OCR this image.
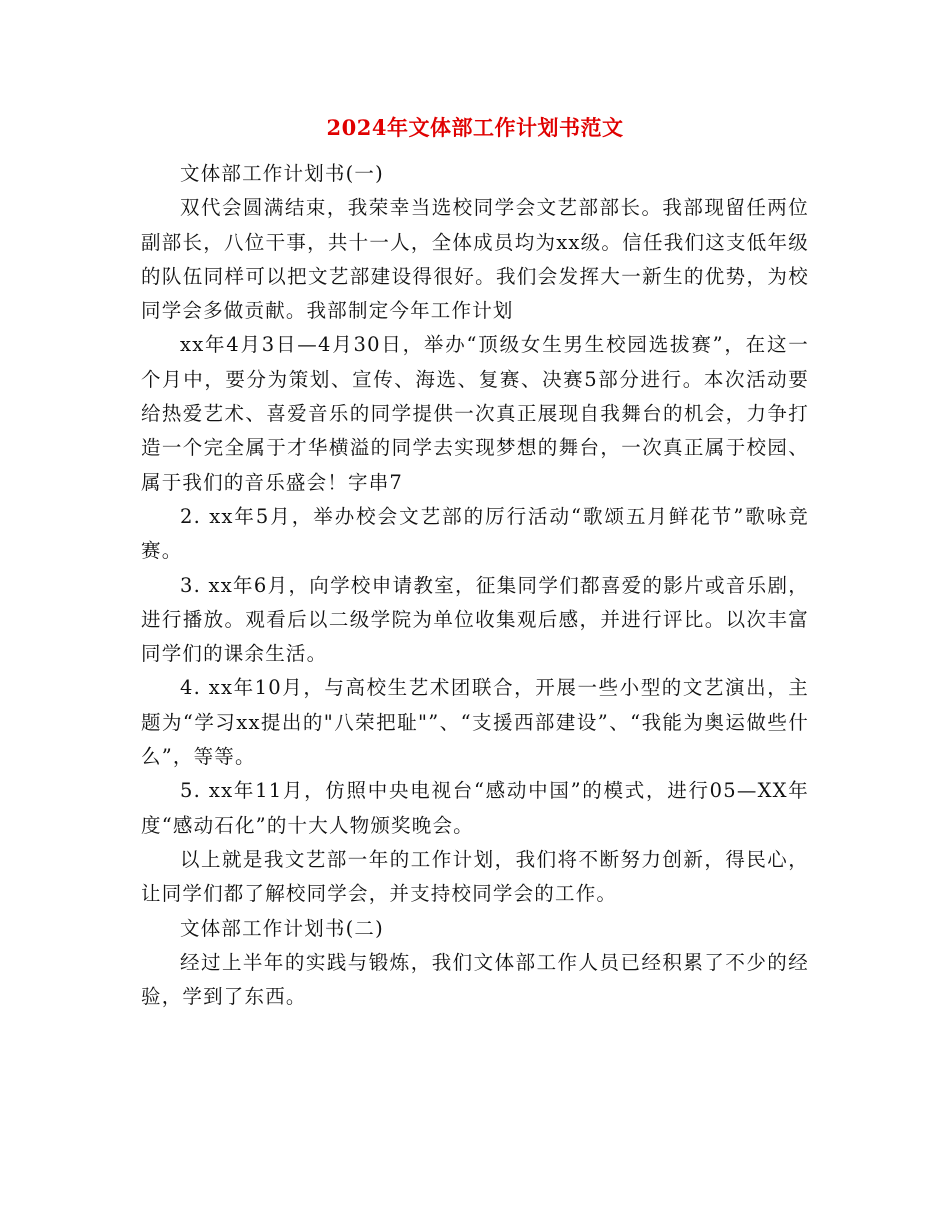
2024年文体部工作计划书范文

文体部工作计划书(一)

双代会圆满结束，我荣幸当选校同学会文艺部部长。我部现留任两位副部长，八位干事，共十一人，全体成员均为xx级。信任我们这支低年级的队伍同样可以把文艺部建设得很好。我们会发挥大一新生的优势，为校同学会多做贡献。我部制定今年工作计划

xx年4月3日—4月30日，举办“顶级女生男生校园选拔赛”，在这一个月中，要分为策划、宣传、海选、复赛、决赛5部分进行。本次活动要给热爱艺术、喜爱音乐的同学提供一次真正展现自我舞台的机会，力争打造一个完全属于才华横溢的同学去实现梦想的舞台，一次真正属于校园、属于我们的音乐盛会！字串7

2. xx年5月，举办校会文艺部的厉行活动“歌颂五月鲜花节”歌咏竞赛。

3. xx年6月，向学校申请教室，征集同学们都喜爱的影片或音乐剧，进行播放。观看后以二级学院为单位收集观后感，并进行评比。以次丰富同学们的课余生活。

4. xx年10月，与高校生艺术团联合，开展一些小型的文艺演出，主题为“学习xx提出的"八荣把耻"”、“支援西部建设”、“我能为奥运做些什么”，等等。

5. xx年11月，仿照中央电视台“感动中国”的模式，进行05—XX年度“感动石化”的十大人物颁奖晚会。

以上就是我文艺部一年的工作计划，我们将不断努力创新，得民心，让同学们都了解校同学会，并支持校同学会的工作。

文体部工作计划书(二)

经过上半年的实践与锻炼，我们文体部工作人员已经积累了不少的经验，学到了东西。
